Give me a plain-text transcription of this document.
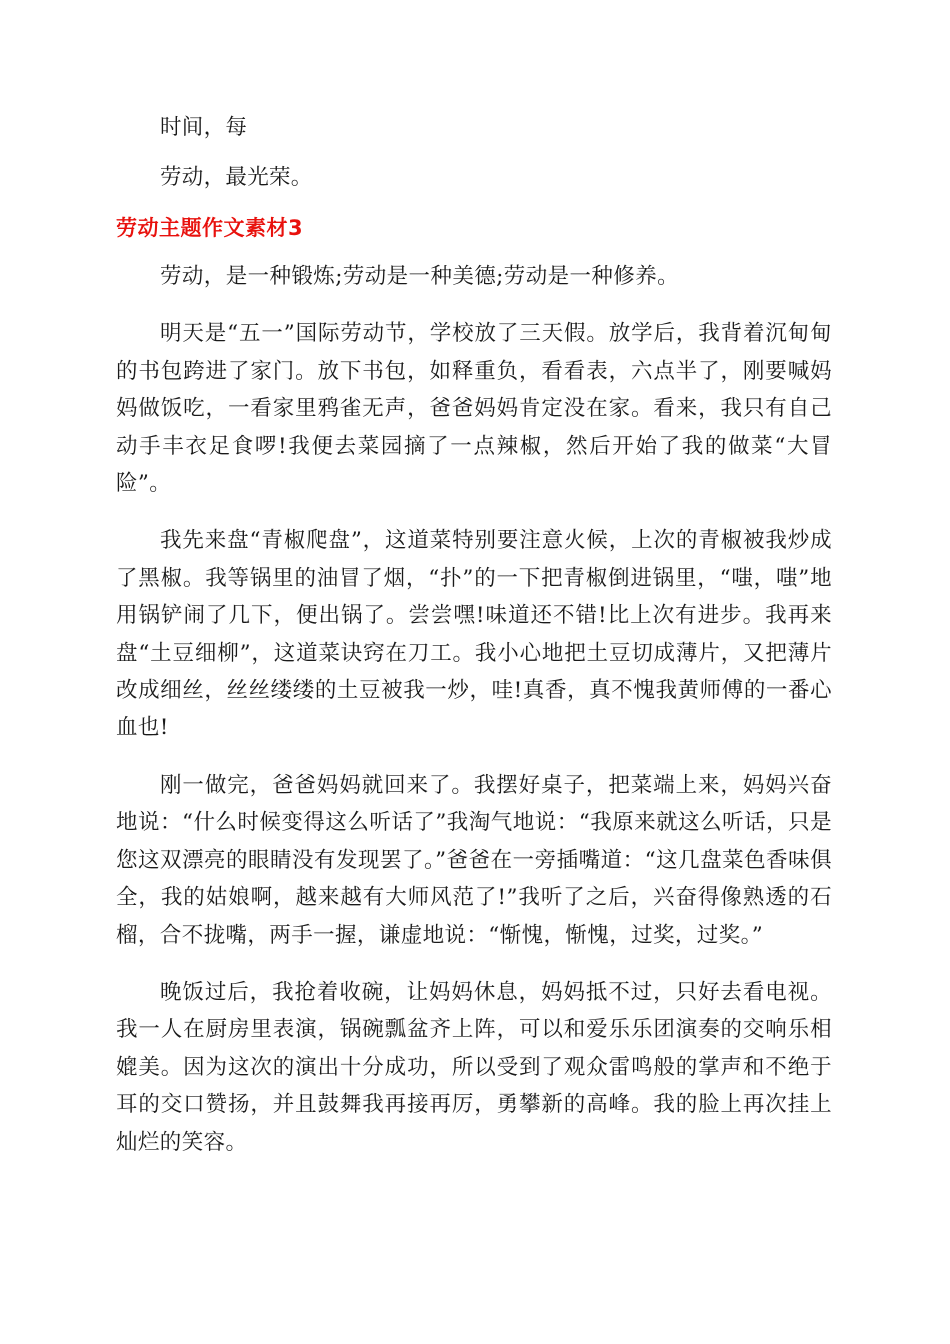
时间，每

劳动，最光荣。

劳动主题作文素材3

劳动，是一种锻炼;劳动是一种美德;劳动是一种修养。

明天是“五一”国际劳动节，学校放了三天假。放学后，我背着沉甸甸的书包跨进了家门。放下书包，如释重负，看看表，六点半了，刚要喊妈妈做饭吃，一看家里鸦雀无声，爸爸妈妈肯定没在家。看来，我只有自己动手丰衣足食啰!我便去菜园摘了一点辣椒，然后开始了我的做菜“大冒险”。

我先来盘“青椒爬盘”，这道菜特别要注意火候，上次的青椒被我炒成了黑椒。我等锅里的油冒了烟，“扑”的一下把青椒倒进锅里，“嗤，嗤”地用锅铲闹了几下，便出锅了。尝尝嘿!味道还不错!比上次有进步。我再来盘“土豆细柳”，这道菜诀窍在刀工。我小心地把土豆切成薄片，又把薄片改成细丝，丝丝缕缕的土豆被我一炒，哇!真香，真不愧我黄师傅的一番心血也!

刚一做完，爸爸妈妈就回来了。我摆好桌子，把菜端上来，妈妈兴奋地说：“什么时候变得这么听话了”我淘气地说：“我原来就这么听话，只是您这双漂亮的眼睛没有发现罢了。”爸爸在一旁插嘴道：“这几盘菜色香味俱全，我的姑娘啊，越来越有大师风范了!”我听了之后，兴奋得像熟透的石榴，合不拢嘴，两手一握，谦虚地说：“惭愧，惭愧，过奖，过奖。”

晚饭过后，我抢着收碗，让妈妈休息，妈妈抵不过，只好去看电视。我一人在厨房里表演，锅碗瓢盆齐上阵，可以和爱乐乐团演奏的交响乐相媲美。因为这次的演出十分成功，所以受到了观众雷鸣般的掌声和不绝于耳的交口赞扬，并且鼓舞我再接再厉，勇攀新的高峰。我的脸上再次挂上灿烂的笑容。
